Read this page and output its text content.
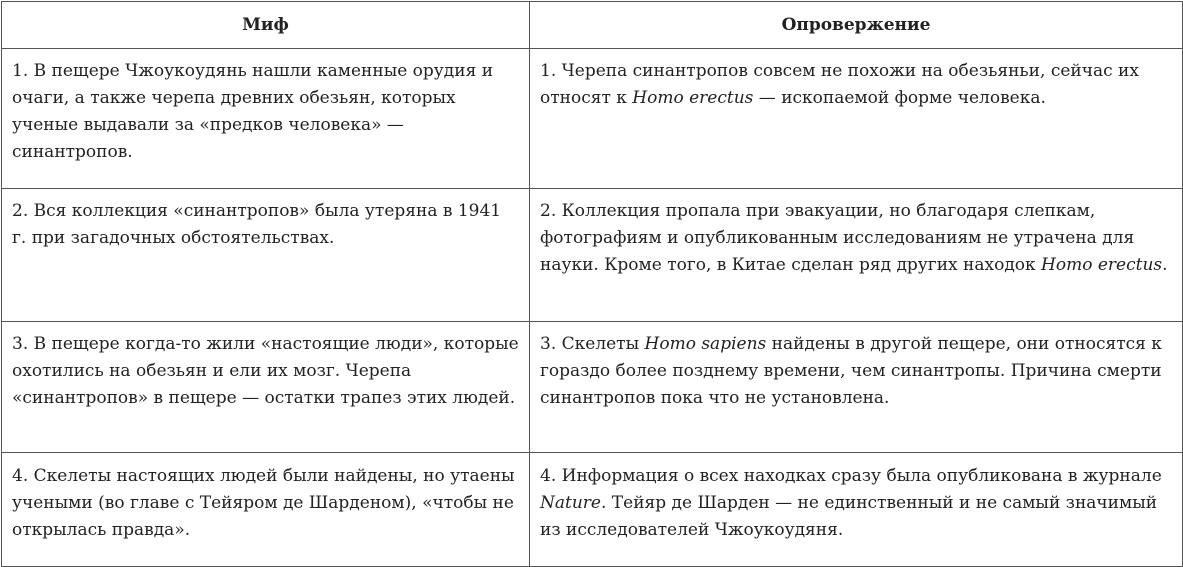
Миф	Опровержение

1. В пещере Чжоукоудянь нашли каменные орудия и очаги, а также черепа древних обезьян, которых ученые выдавали за «предков человека» — синантропов.	1. Черепа синантропов совсем не похожи на обезьяньи, сейчас их относят к Homo erectus — ископаемой форме человека.

2. Вся коллекция «синантропов» была утеряна в 1941 г. при загадочных обстоятельствах.	2. Коллекция пропала при эвакуации, но благодаря слепкам, фотографиям и опубликованным исследованиям не утрачена для науки. Кроме того, в Китае сделан ряд других находок Homo erectus.

3. В пещере когда-то жили «настоящие люди», которые охотились на обезьян и ели их мозг. Черепа «синантропов» в пещере — остатки трапез этих людей.	3. Скелеты Homo sapiens найдены в другой пещере, они относятся к гораздо более позднему времени, чем синантропы. Причина смерти синантропов пока что не установлена.

4. Скелеты настоящих людей были найдены, но утаены учеными (во главе с Тейяром де Шарденом), «чтобы не открылась правда».	4. Информация о всех находках сразу была опубликована в журнале Nature. Тейяр де Шарден — не единственный и не самый значимый из исследователей Чжоукоудяня.
